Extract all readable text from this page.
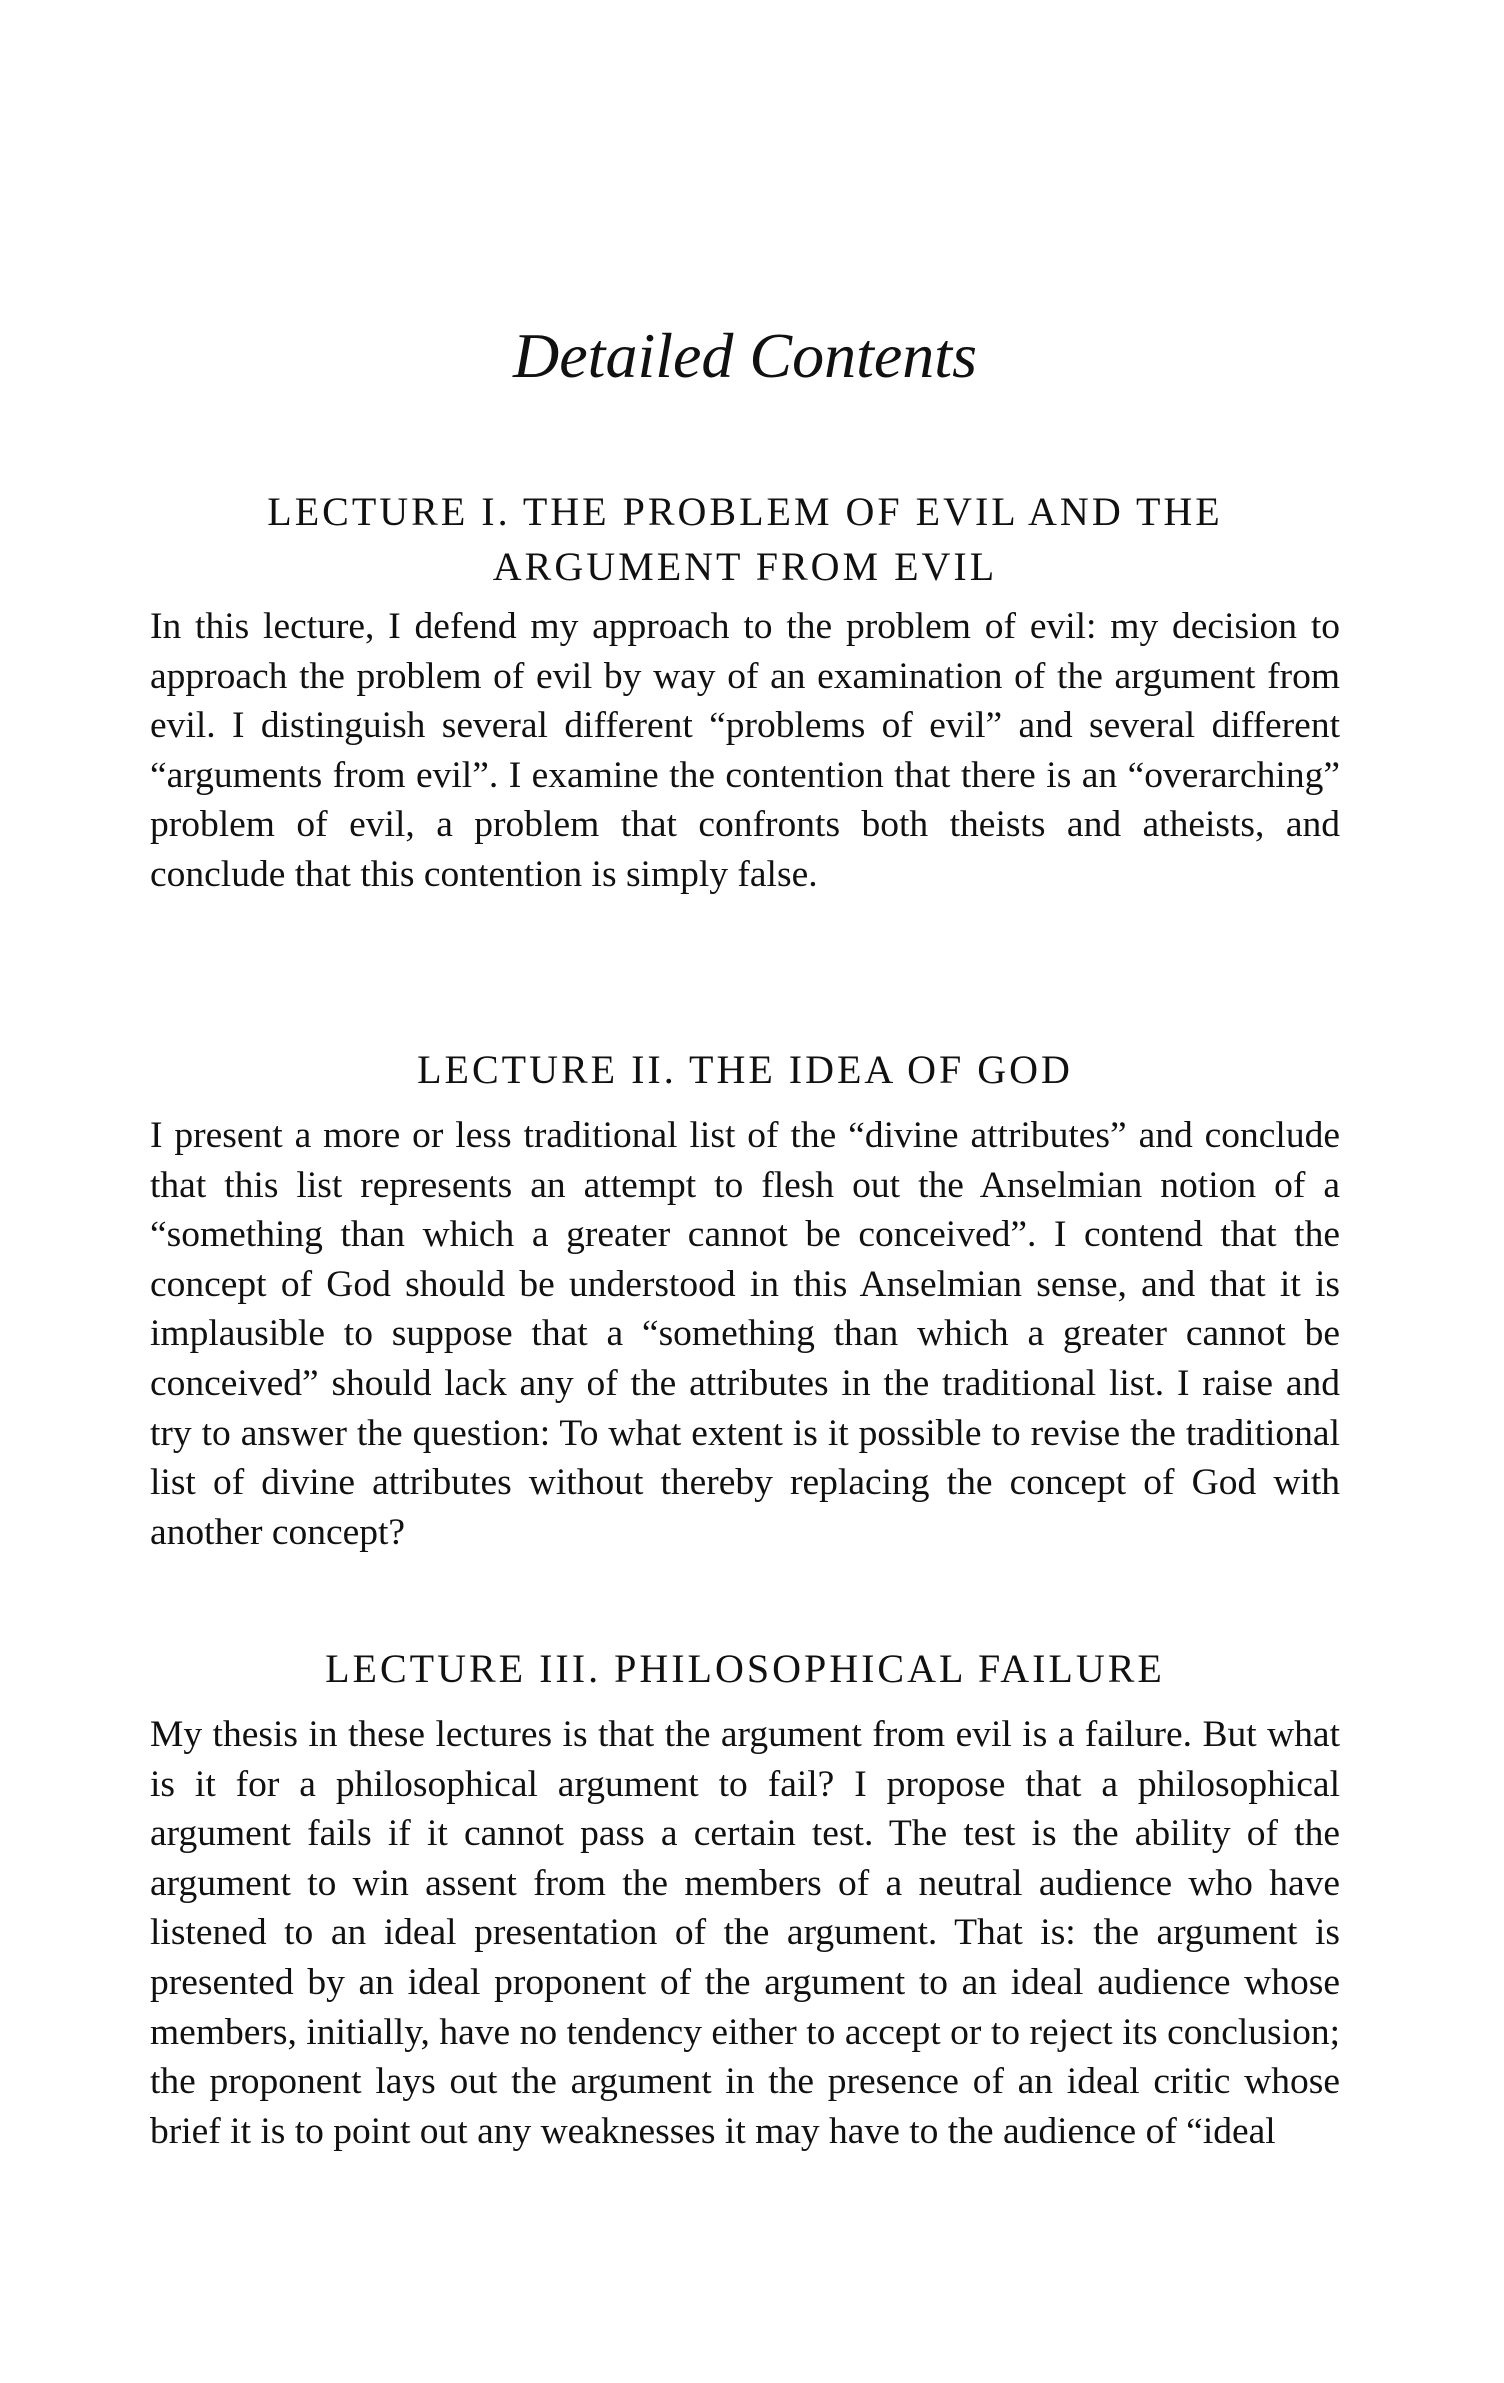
Detailed Contents
LECTURE I. THE PROBLEM OF EVIL AND THE
ARGUMENT FROM EVIL

In this lecture, I defend my approach to the problem of evil: my decision to approach the problem of evil by way of an examination of the argument from evil. I distinguish several different “problems of evil” and several different “arguments from evil”. I examine the contention that there is an “overarching” problem of evil, a problem that confronts both theists and atheists, and conclude that this contention is simply false.

LECTURE II. THE IDEA OF GOD

I present a more or less traditional list of the “divine attributes” and conclude that this list represents an attempt to flesh out the Anselmian notion of a “something than which a greater cannot be conceived”. I contend that the concept of God should be understood in this Anselmian sense, and that it is implausible to suppose that a “something than which a greater cannot be conceived” should lack any of the attributes in the traditional list. I raise and try to answer the question: To what extent is it possible to revise the traditional list of divine attributes without thereby replacing the concept of God with another concept?

LECTURE III. PHILOSOPHICAL FAILURE

My thesis in these lectures is that the argument from evil is a failure. But what is it for a philosophical argument to fail? I propose that a philosophical argument fails if it cannot pass a certain test. The test is the ability of the argument to win assent from the members of a neutral audience who have listened to an ideal presentation of the argument. That is: the argument is presented by an ideal proponent of the argument to an ideal audience whose members, initially, have no tendency either to accept or to reject its conclusion; the proponent lays out the argument in the presence of an ideal critic whose brief it is to point out any weaknesses it may have to the audience of “ideal
